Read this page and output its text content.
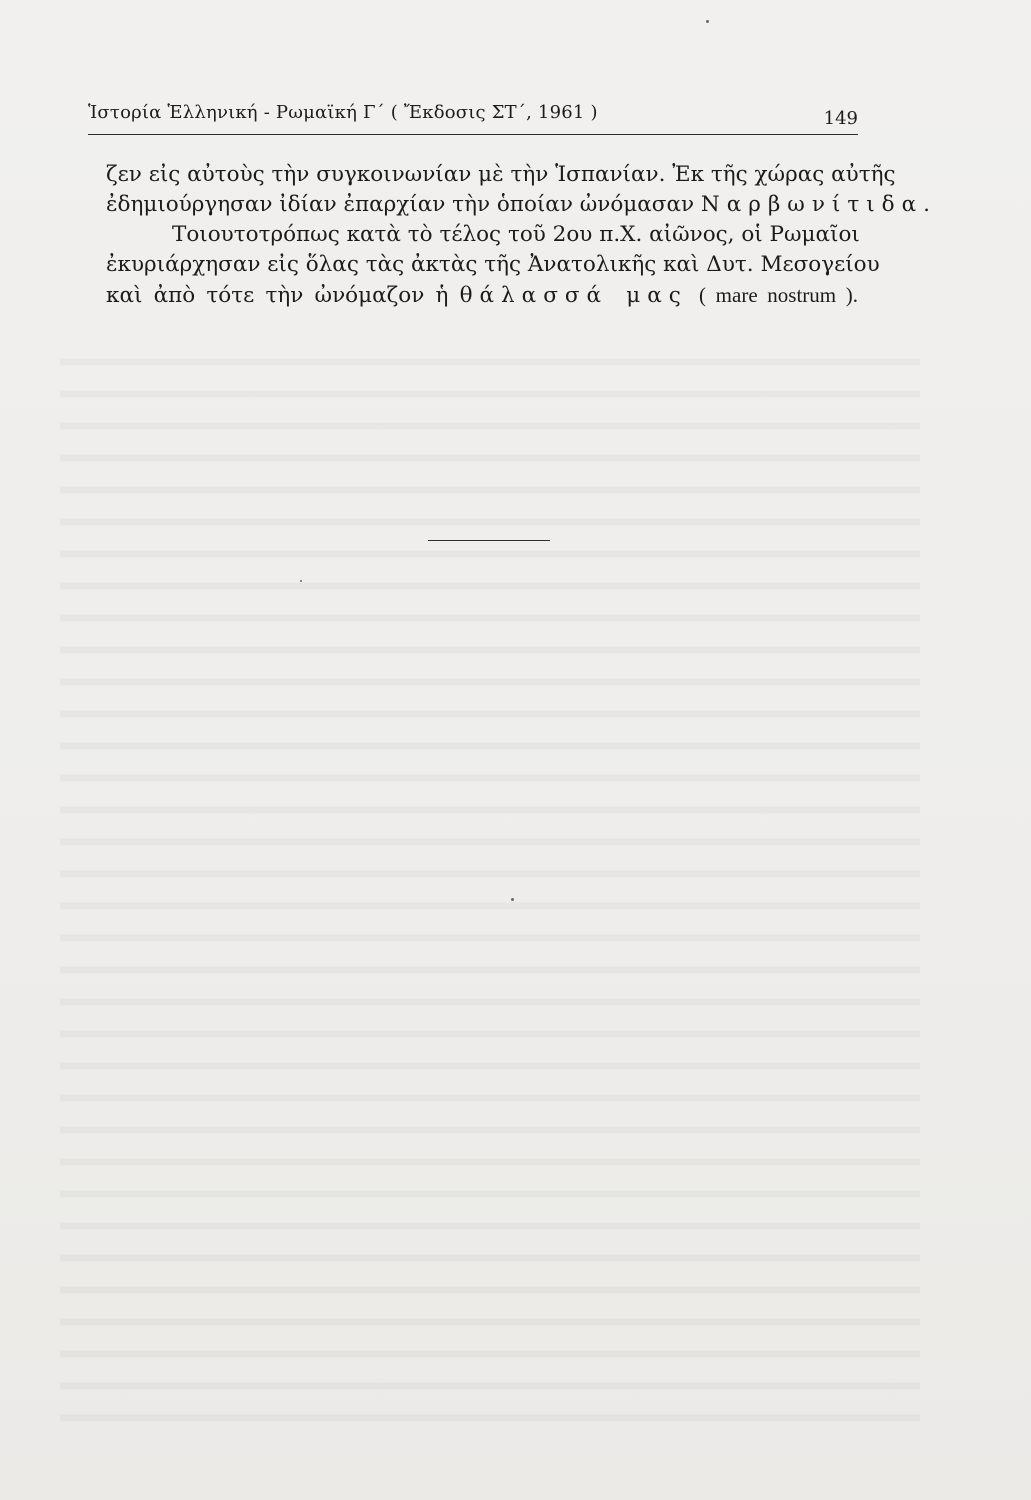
Ἱστορία Ἑλληνική - Ρωμαϊκή Γ΄ ( Ἔκδοσις ΣΤ΄, 1961 )	149
ζεν εἰς αὐτοὺς τὴν συγκοινωνίαν μὲ τὴν Ἱσπανίαν. Ἐκ τῆς χώρας αὐτῆς
ἐδημιούργησαν ἰδίαν ἐπαρχίαν τὴν ὁποίαν ὠνόμασαν Ναρβωνίτιδα.
Τοιουτοτρόπως κατὰ τὸ τέλος τοῦ 2ου π.Χ. αἰῶνος, οἱ Ρωμαῖοι
ἐκυριάρχησαν εἰς ὅλας τὰς ἀκτὰς τῆς Ἀνατολικῆς καὶ Δυτ. Μεσογείου
καὶ ἀπὸ τότε τὴν ὠνόμαζον ἡ θάλασσά μας ( mare nostrum ).
